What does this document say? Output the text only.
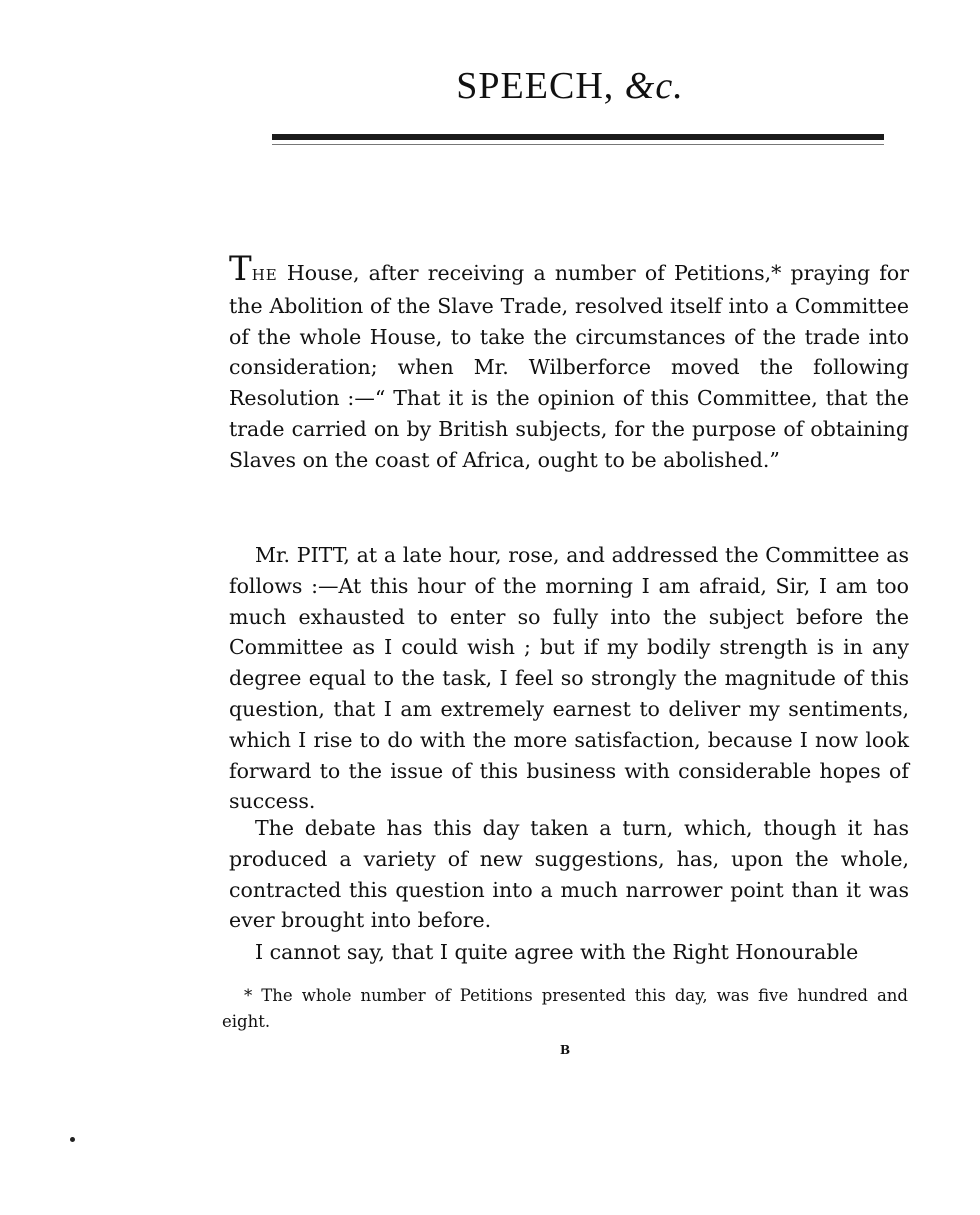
SPEECH, &c.

THE House, after receiving a number of Petitions,* praying for the Abolition of the Slave Trade, resolved itself into a Committee of the whole House, to take the circumstances of the trade into consideration; when Mr. Wilberforce moved the following Resolution :—“ That it is the opinion of this Committee, that the trade carried on by British subjects, for the purpose of obtaining Slaves on the coast of Africa, ought to be abolished.”

Mr. PITT, at a late hour, rose, and addressed the Committee as follows :—At this hour of the morning I am afraid, Sir, I am too much exhausted to enter so fully into the subject before the Committee as I could wish ; but if my bodily strength is in any degree equal to the task, I feel so strongly the magnitude of this question, that I am extremely earnest to deliver my sentiments, which I rise to do with the more satisfaction, because I now look forward to the issue of this business with considerable hopes of success.

The debate has this day taken a turn, which, though it has produced a variety of new suggestions, has, upon the whole, contracted this question into a much narrower point than it was ever brought into before.

I cannot say, that I quite agree with the Right Honourable

* The whole number of Petitions presented this day, was five hundred and eight.

B
